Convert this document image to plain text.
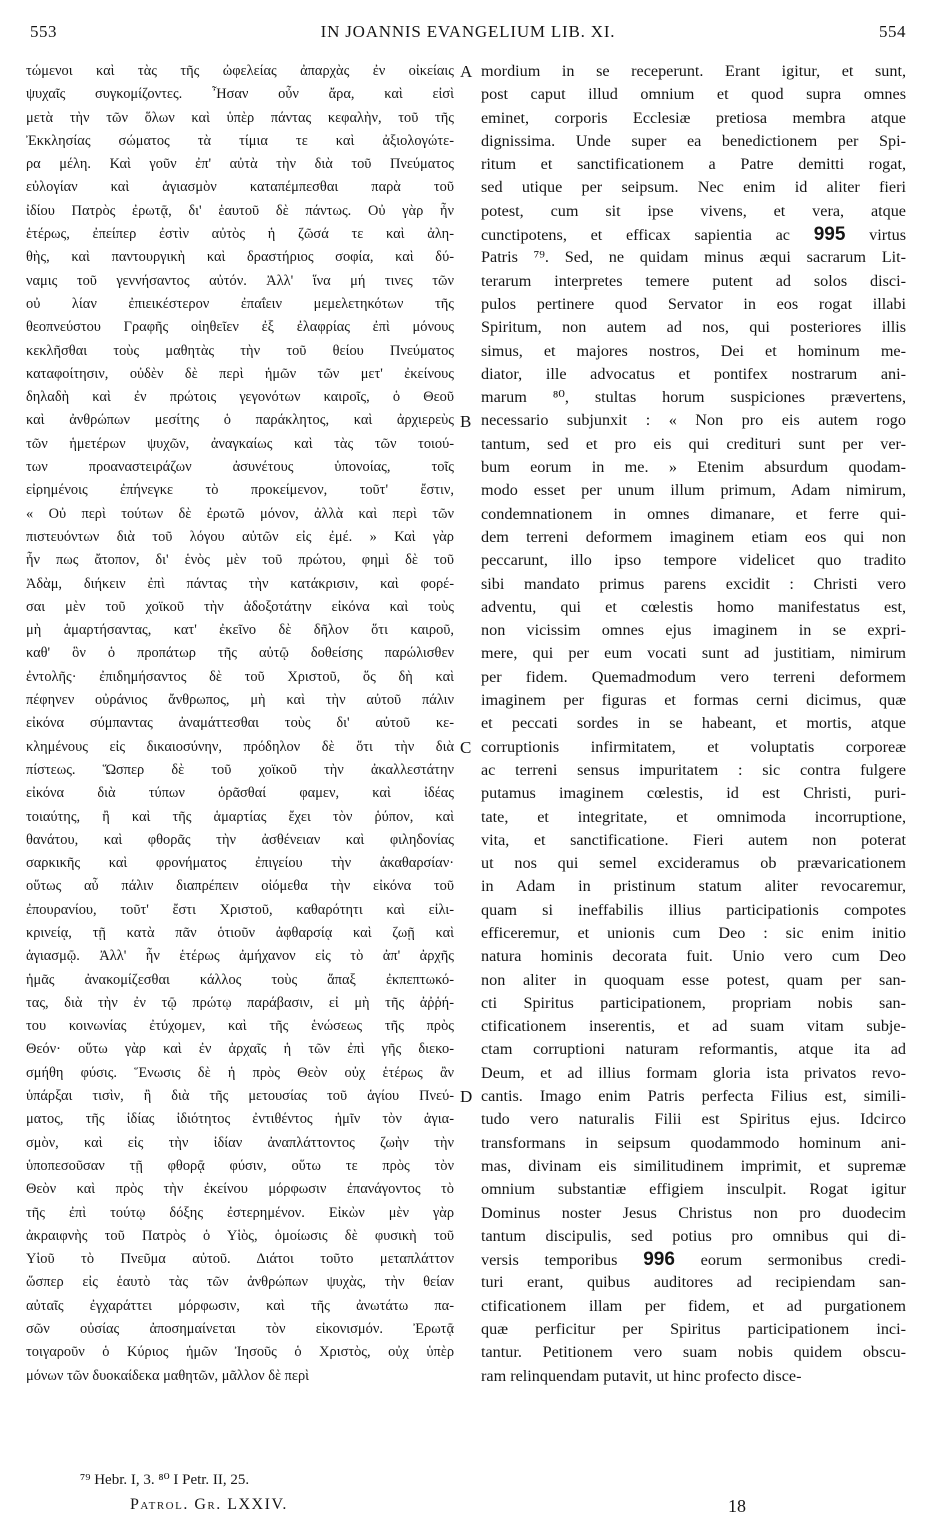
553	IN JOANNIS EVANGELIUM LIB. XI.	554
τώμενοι καὶ τὰς τῆς ὠφελείας ἀπαρχὰς ἐν οἰκείαις
ψυχαῖς συγκομίζοντες. Ἦσαν οὖν ἄρα, καὶ εἰσὶ
μετὰ τὴν τῶν ὅλων καὶ ὑπὲρ πάντας κεφαλὴν, τοῦ τῆς
Ἐκκλησίας σώματος τὰ τίμια τε καὶ ἀξιολογώτε-
ρα μέλη. Καὶ γοῦν ἐπ' αὐτὰ τὴν διὰ τοῦ Πνεύματος
εὐλογίαν καὶ ἁγιασμὸν καταπέμπεσθαι παρὰ τοῦ
ἰδίου Πατρὸς ἐρωτᾷ, δι' ἑαυτοῦ δὲ πάντως. Οὐ γὰρ ἦν
ἑτέρως, ἐπείπερ ἐστὶν αὐτὸς ἡ ζῶσά τε καὶ ἀλη-
θὴς, καὶ παντουργικὴ καὶ δραστήριος σοφία, καὶ δύ-
ναμις τοῦ γεννήσαντος αὐτόν. Ἀλλ' ἵνα μή τινες τῶν
οὐ λίαν ἐπιεικέστερον ἐπαΐειν μεμελετηκότων τῆς
θεοπνεύστου Γραφῆς οἰηθεῖεν ἐξ ἐλαφρίας ἐπὶ μόνους
κεκλῆσθαι τοὺς μαθητὰς τὴν τοῦ θείου Πνεύματος
καταφοίτησιν, οὐδὲν δὲ περὶ ἡμῶν τῶν μετ' ἐκείνους
δηλαδὴ καὶ ἐν πρώτοις γεγονότων καιροῖς, ὁ Θεοῦ
καὶ ἀνθρώπων μεσίτης ὁ παράκλητος, καὶ ἀρχιερεὺς
τῶν ἡμετέρων ψυχῶν, ἀναγκαίως καὶ τὰς τῶν τοιού-
των προαναστειράζων ἀσυνέτους ὑπονοίας, τοῖς
εἰρημένοις ἐπήνεγκε τὸ προκείμενον, τοῦτ' ἔστιν,
« Οὐ περὶ τούτων δὲ ἐρωτῶ μόνον, ἀλλὰ καὶ περὶ τῶν
πιστευόντων διὰ τοῦ λόγου αὐτῶν εἰς ἐμέ. » Καὶ γὰρ
ἦν πως ἄτοπον, δι' ἑνὸς μὲν τοῦ πρώτου, φημὶ δὲ τοῦ
Ἀδὰμ, διήκειν ἐπὶ πάντας τὴν κατάκρισιν, καὶ φορέ-
σαι μὲν τοῦ χοϊκοῦ τὴν ἀδοξοτάτην εἰκόνα καὶ τοὺς
μὴ ἁμαρτήσαντας, κατ' ἐκεῖνο δὲ δῆλον ὅτι καιροῦ,
καθ' ὃν ὁ προπάτωρ τῆς αὐτῷ δοθείσης παρώλισθεν
ἐντολῆς· ἐπιδημήσαντος δὲ τοῦ Χριστοῦ, ὅς δὴ καὶ
πέφηνεν οὐράνιος ἄνθρωπος, μὴ καὶ τὴν αὐτοῦ πάλιν
εἰκόνα σύμπαντας ἀναμάττεσθαι τοὺς δι' αὐτοῦ κε-
κλημένους εἰς δικαιοσύνην, πρόδηλον δὲ ὅτι τὴν διὰ
πίστεως. Ὥσπερ δὲ τοῦ χοϊκοῦ τὴν ἀκαλλεστάτην
εἰκόνα διὰ τύπων ὁρᾶσθαί φαμεν, καὶ ἰδέας
τοιαύτης, ἢ καὶ τῆς ἁμαρτίας ἔχει τὸν ῥύπον, καὶ
θανάτου, καὶ φθορᾶς τὴν ἀσθένειαν καὶ φιληδονίας
σαρκικῆς καὶ φρονήματος ἐπιγείου τὴν ἀκαθαρσίαν·
οὕτως αὖ πάλιν διαπρέπειν οἰόμεθα τὴν εἰκόνα τοῦ
ἐπουρανίου, τοῦτ' ἔστι Χριστοῦ, καθαρότητι καὶ εἰλι-
κρινείᾳ, τῇ κατὰ πᾶν ὁτιοῦν ἀφθαρσίᾳ καὶ ζωῇ καὶ
ἁγιασμῷ. Ἀλλ' ἦν ἑτέρως ἀμήχανον εἰς τὸ ἀπ' ἀρχῆς
ἡμᾶς ἀνακομίζεσθαι κάλλος τοὺς ἅπαξ ἐκπεπτωκό-
τας, διὰ τὴν ἐν τῷ πρώτῳ παράβασιν, εἰ μὴ τῆς ἀῤῥή-
του κοινωνίας ἐτύχομεν, καὶ τῆς ἑνώσεως τῆς πρὸς
Θεόν· οὕτω γὰρ καὶ ἐν ἀρχαῖς ἡ τῶν ἐπὶ γῆς διεκο-
σμήθη φύσις. Ἕνωσις δὲ ἡ πρὸς Θεὸν οὐχ ἑτέρως ἂν
ὑπάρξαι τισὶν, ἢ διὰ τῆς μετουσίας τοῦ ἁγίου Πνεύ-
ματος, τῆς ἰδίας ἰδιότητος ἐντιθέντος ἡμῖν τὸν ἁγια-
σμὸν, καὶ εἰς τὴν ἰδίαν ἀναπλάττοντος ζωὴν τὴν
ὑποπεσοῦσαν τῇ φθορᾷ φύσιν, οὕτω τε πρὸς τὸν
Θεὸν καὶ πρὸς τὴν ἐκείνου μόρφωσιν ἐπανάγοντος τὸ
τῆς ἐπὶ τούτῳ δόξης ἐστερημένον. Εἰκὼν μὲν γὰρ
ἀκραιφνὴς τοῦ Πατρὸς ὁ Υἱὸς, ὁμοίωσις δὲ φυσικὴ τοῦ
Υἱοῦ τὸ Πνεῦμα αὐτοῦ. Διάτοι τοῦτο μεταπλάττον
ὥσπερ εἰς ἑαυτὸ τὰς τῶν ἀνθρώπων ψυχὰς, τὴν θείαν
αὐταῖς ἐγχαράττει μόρφωσιν, καὶ τῆς ἀνωτάτω πα-
σῶν οὐσίας ἀποσημαίνεται τὸν εἰκονισμόν. Ἐρωτᾷ
τοιγαροῦν ὁ Κύριος ἡμῶν Ἰησοῦς ὁ Χριστὸς, οὐχ ὑπὲρ
μόνων τῶν δυοκαίδεκα μαθητῶν, μᾶλλον δὲ περὶ
mordium in se receperunt. Erant igitur, et sunt,
post caput illud omnium et quod supra omnes
eminet, corporis Ecclesiæ pretiosa membra atque
dignissima. Unde super ea benedictionem per Spi-
ritum et sanctificationem a Patre demitti rogat,
sed utique per seipsum. Nec enim id aliter fieri
potest, cum sit ipse vivens, et vera, atque
cunctipotens, et efficax sapientia ac 995 virtus
Patris ⁷⁹. Sed, ne quidam minus æqui sacrarum Lit-
terarum interpretes temere putent ad solos disci-
pulos pertinere quod Servator in eos rogat illabi
Spiritum, non autem ad nos, qui posteriores illis
simus, et majores nostros, Dei et hominum me-
diator, ille advocatus et pontifex nostrarum ani-
marum ⁸⁰, stultas horum suspiciones prævertens,
necessario subjunxit : « Non pro eis autem rogo
tantum, sed et pro eis qui credituri sunt per ver-
bum eorum in me. » Etenim absurdum quodam-
modo esset per unum illum primum, Adam nimirum,
condemnationem in omnes dimanare, et ferre qui-
dem terreni deformem imaginem etiam eos qui non
peccarunt, illo ipso tempore videlicet quo tradito
sibi mandato primus parens excidit : Christi vero
adventu, qui et cœlestis homo manifestatus est,
non vicissim omnes ejus imaginem in se expri-
mere, qui per eum vocati sunt ad justitiam, nimirum
per fidem. Quemadmodum vero terreni deformem
imaginem per figuras et formas cerni dicimus, quæ
et peccati sordes in se habeant, et mortis, atque
corruptionis infirmitatem, et voluptatis corporeæ
ac terreni sensus impuritatem : sic contra fulgere
putamus imaginem cœlestis, id est Christi, puri-
tate, et integritate, et omnimoda incorruptione,
vita, et sanctificatione. Fieri autem non poterat
ut nos qui semel excideramus ob prævaricationem
in Adam in pristinum statum aliter revocaremur,
quam si ineffabilis illius participationis compotes
efficeremur, et unionis cum Deo : sic enim initio
natura hominis decorata fuit. Unio vero cum Deo
non aliter in quoquam esse potest, quam per san-
cti Spiritus participationem, propriam nobis san-
ctificationem inserentis, et ad suam vitam subje-
ctam corruptioni naturam reformantis, atque ita ad
Deum, et ad illius formam gloria ista privatos revo-
cantis. Imago enim Patris perfecta Filius est, simili-
tudo vero naturalis Filii est Spiritus ejus. Idcirco
transformans in seipsum quodammodo hominum ani-
mas, divinam eis similitudinem imprimit, et supremæ
omnium substantiæ effigiem insculpit. Rogat igitur
Dominus noster Jesus Christus non pro duodecim
tantum discipulis, sed potius pro omnibus qui di-
versis temporibus 996 eorum sermonibus credi-
turi erant, quibus auditores ad recipiendam san-
ctificationem illam per fidem, et ad purgationem
quæ perficitur per Spiritus participationem inci-
tantur. Petitionem vero suam nobis quidem obscu-
ram relinquendam putavit, ut hinc profecto disce-
A
B
C
D
⁷⁹ Hebr. I, 3. ⁸⁰ I Petr. II, 25.
Patrol. Gr. LXXIV.	18
